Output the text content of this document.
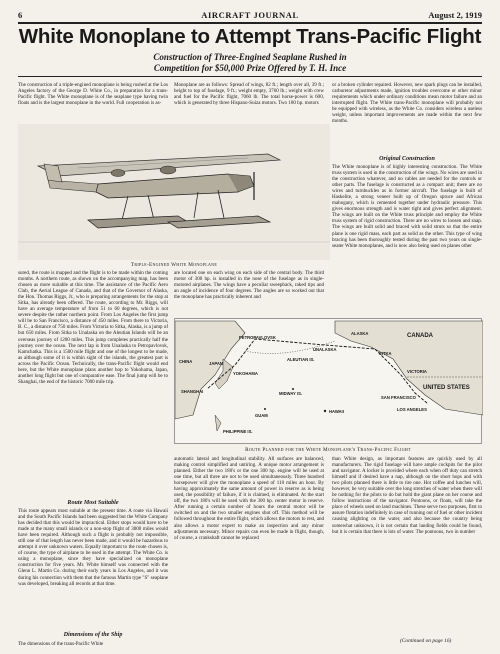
6	AIRCRAFT JOURNAL	August 2, 1919
White Monoplane to Attempt Trans-Pacific Flight
Construction of Three-Engined Seaplane Rushed in
Competition for $50,000 Prize Offered by T. H. Ince
The construction of a triple-engined monoplane is being rushed at the Los Angeles factory of the George D. White Co., in preparation for a trans-Pacific flight. The White monoplane is of the seaplane type having twin floats and is the largest monoplane in the world. Full cooperation is as-
Monoplane are as follows: Spread of wings, 82 ft.; length over all, 39 ft.; height to top of fuselage, 9 ft.; weight empty, 3760 lb.; weight with crew and fuel for the Pacific flight, 7060 lb. The total horse-power is 600, which is generated by three Hispano-Suiza motors. Two 180 hp. motors
Triple-Engined White Monoplane
or a broken cylinder repaired. However, new spark plugs can be installed, carburetor adjustments made, ignition troubles overcome or other minor requirements which under ordinary conditions mean motor failure and an interrupted flight. The White trans-Pacific monoplane will probably not be equipped with wireless, as the White Co. considers wireless a useless weight, unless important improvements are made within the next few months.
Original Construction
The White monoplane is of highly interesting construction. The White truss system is used in the construction of the wings. No wires are used in the construction whatever, and no cables are needed for the controls or other parts. The fuselage is constructed as a compact unit; there are no wires and turnbuckles as in former aircraft. The fuselage is built of Haskelite, a strong veneer built up of Oregon spruce and African mahogany, which is cemented together under hydraulic pressure. This gives enormous strength and is water tight and gives perfect alignment. The wings are built on the White truss principle and employ the White truss system of rigid construction. There are no wires to loosen and snap. The wings are built solid and braced with solid struts so that the entire plane is one rigid mass, each part as solid as the other. This type of wing bracing has been thoroughly tested during the past two years on single-seater White monoplanes, and is now also being used on planes other
sured, the route is mapped and the flight is to be made within the coming months. A northern route, as shown on the accompanying map, has been chosen as more suitable at this time. The assistance of the Pacific Aero Club, the Aerial League of Canada, and that of the Governor of Alaska, the Hon. Thomas Riggs, Jr., who is preparing arrangements for the stop at Sitka, has already been offered. The route, according to Mr. Riggs, will have an average temperature of from 51 to 60 degrees, which is not severe despite the rather northern point. From Los Angeles the first jump will be to San Francisco, a distance of 450 miles. From there to Victoria, B. C., a distance of 750 miles. From Victoria to Sitka, Alaska, is a jump of but 650 miles. From Sitka to Unalaska on the Aleutian Islands will be an overseas journey of 1200 miles. This jump completes practically half the journey over the ocean. The next lap is from Unalaska to Petropavlovsk, Kamchatka. This is a 1500 mile flight and one of the longest to be made, as although some of it is within sight of the islands, the greatest part is across the Pacific Ocean. Technically, the trans-Pacific flight would end here, but the White monoplane plans another hop to Yokohama, Japan, another long flight but one of comparative ease. The final jump will be to Shanghai, the end of the historic 7000 mile trip.
Route Most Suitable
This route appears most suitable at the present time. A route via Hawaii and the South Pacific Islands had been suggested but the White Company has decided that this would be impractical. Either stops would have to be made at the many small islands or a non-stop flight of 3000 miles would have been required. Although such a flight is probably not impossible, still one of that length has never been made, and it would be hazardous to attempt it over unknown waters. Equally important to the route chosen is, of course, the type of airplane to be used in the attempt. The White Co. is using a monoplane, since they have specialized on monoplane construction for five years. Mr. White himself was connected with the Glenn L. Martin Co. during their early years in Los Angeles, and it was during his connection with them that the famous Martin type "S" seaplane was developed, breaking all records at that time.
Dimensions of the Ship
The dimensions of the trans-Pacific White
are located one on each wing on each side of the central body. The third motor of 300 hp. is installed in the nose of the fuselage as in single-motored airplanes. The wings have a peculiar sweepback, raked tips and an angle of incidence of four degrees. The angles are so worked out that the monoplane has practically inherent and
CANADA
UNITED STATES
ALASKA
SITKA
ALEUTIAN IS.
UNALASKA
VICTORIA
SAN FRANCISCO
LOS ANGELES
PETROPAVLOVSK
YOKOHAMA
SHANGHAI
HAWAII
MIDWAY IS.
GUAM
PHILIPPINE IS.
JAPAN
CHINA
Route Planned for the White Monoplane's Trans-Pacific Flight
than White design, as important features are quickly used by all manufacturers. The rigid fuselage will have ample cockpits for the pilot and navigator. A locker is provided where each when off duty can stretch himself and if desired have a nap, although on the short hops and with two pilots planned there is little to tire one. Hot coffee and lunches will, however, be very suitable over the long stretches of water when there will be nothing for the pilots to do but hold the giant plane on her course and follow instructions of the navigator. Pontoons, or floats, will take the place of wheels used on land machines. These serve two purposes, first to assure flotation indefinitely in case of running out of fuel or other incident causing alighting on the water, and also because the country being somewhat unknown, it is not certain that landing fields could be found, but it is certain that there is lots of water. The pontoons, two in number
(Continued on page 16)
automatic lateral and longitudinal stability. All surfaces are balanced, making control simplified and untiring. A unique motor arrangement is planned. Either the two 180's or the one 300 hp. engine will be used at one time, but all three are not to be used simultaneously. Three hundred horsepower will give the monoplane a speed of 110 miles an hour. By having approximately the same amount of power in reserve as is being used, the possibility of failure, if it is claimed, is eliminated. At the start off, the two 180's will be used with the 300 hp. center motor in reserve. After running a certain number of hours the central motor will be switched on and the two smaller engines shut off. This method will be followed throughout the entire flight, which allows the motors to rest, and also allows a motor expert to make an inspection and any minor adjustments necessary. Minor repairs can even be made in flight, though, of course, a crankshaft cannot be replaced
